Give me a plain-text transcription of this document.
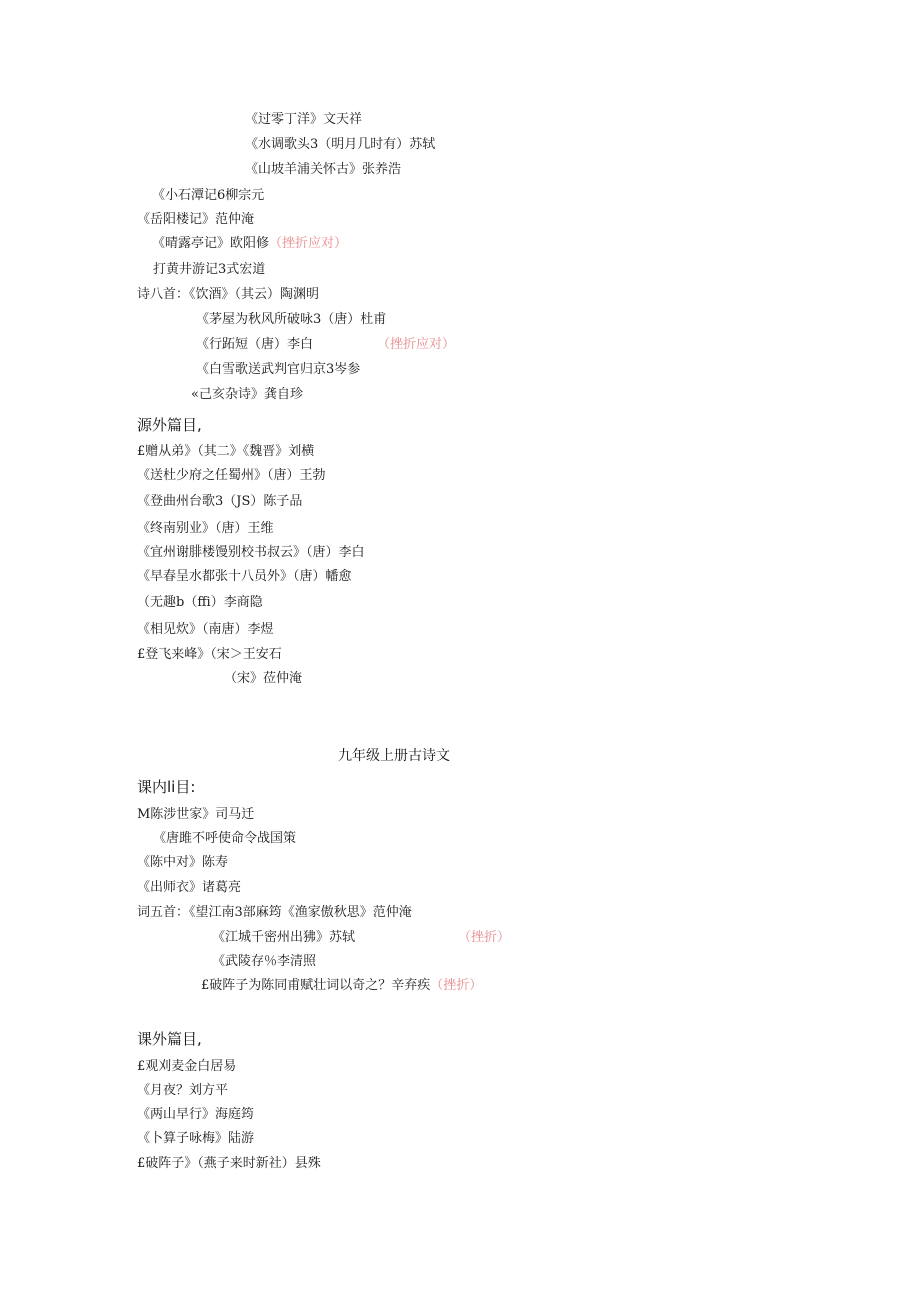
《过零丁洋》文天祥
《水调歌头3（明月几时有）苏轼
《山坡羊浦关怀古》张养浩
《小石潭记6柳宗元
《岳阳楼记》范仲淹
《晴露亭记》欧阳修（挫折应对）
打黄井游记3式宏道
诗八首：《饮酒》（其云）陶渊明
《茅屋为秋风所破咏3（唐）杜甫
《行跖短（唐）李白	（挫折应对）
《白雪歌送武判官归京3岑参
«己亥杂诗》龚自珍
源外篇目,
£赠从弟》（其二》《魏晋》刘横
《送杜少府之任蜀州》（唐）王勃
《登曲州台歌3（JS）陈子品
《终南别业》（唐）王维
《宜州谢腓楼馒别校书叔云》（唐）李白
《早春呈水都张十八员外》（唐）幡愈
（无趣b（ffi）李商隐
《相见炊》（南唐）李煜
£登飞来峰》（宋＞王安石
（宋》莅仲淹
九年级上册古诗文
课内li目:
M陈涉世家》司马迁
《唐雎不呼使命令战国策
《陈中对》陈寿
《出师衣》诸葛亮
词五首：《望江南3部麻筠《渔家傲秋思》范仲淹
《江城千密州出狒》苏轼	（挫折）
《武陵存％李清照
£破阵子为陈同甫赋壮词以奇之？辛弃疾（挫折）
课外篇目,
£观刈麦金白居易
《月夜？刘方平
《两山早行》海庭筠
《卜算子咏梅》陆游
£破阵子》（燕子来时新社）县殊
